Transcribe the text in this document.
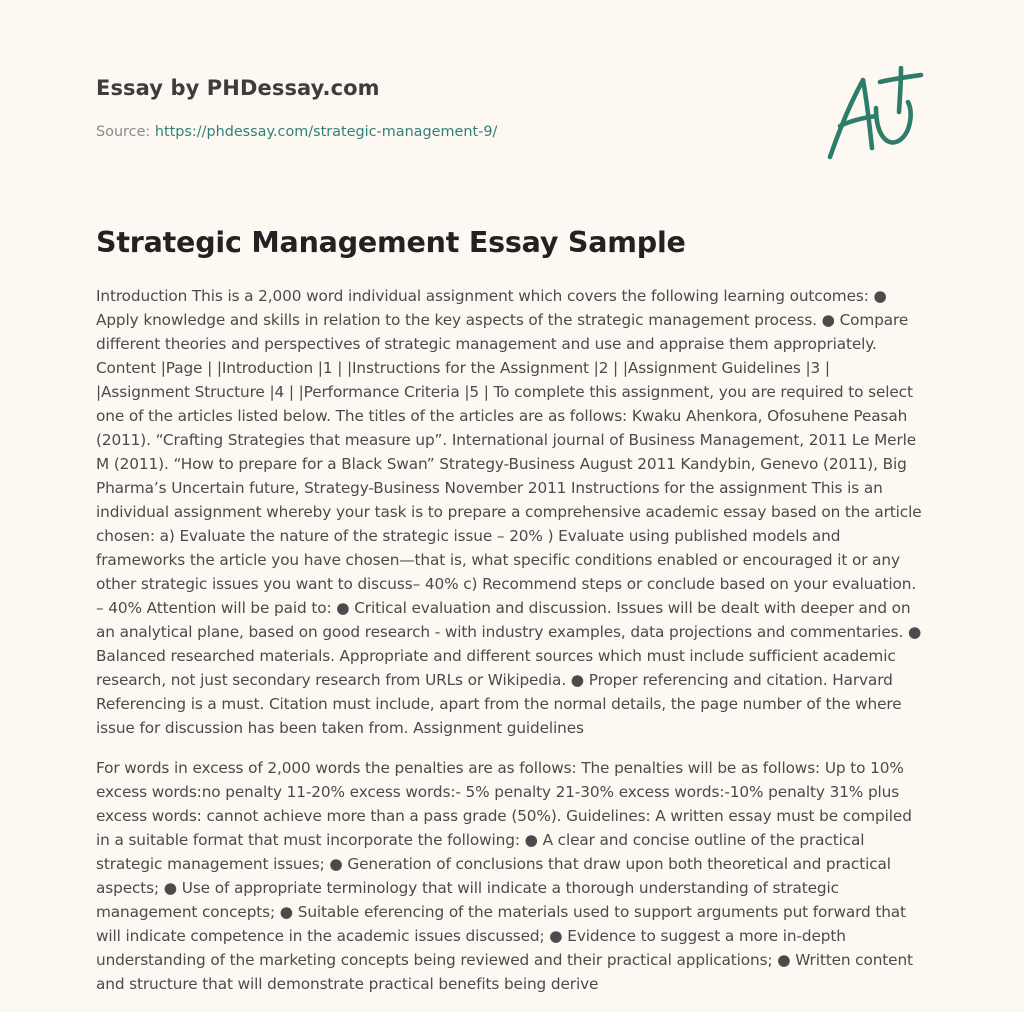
Essay by PHDessay.com
Source: https://phdessay.com/strategic-management-9/
Strategic Management Essay Sample

Introduction This is a 2,000 word individual assignment which covers the following learning outcomes: ● Apply knowledge and skills in relation to the key aspects of the strategic management process. ● Compare different theories and perspectives of strategic management and use and appraise them appropriately. Content |Page | |Introduction |1 | |Instructions for the Assignment |2 | |Assignment Guidelines |3 | |Assignment Structure |4 | |Performance Criteria |5 | To complete this assignment, you are required to select one of the articles listed below. The titles of the articles are as follows: Kwaku Ahenkora, Ofosuhene Peasah (2011). “Crafting Strategies that measure up”. International journal of Business Management, 2011 Le Merle M (2011). “How to prepare for a Black Swan” Strategy-Business August 2011 Kandybin, Genevo (2011), Big Pharma’s Uncertain future, Strategy-Business November 2011 Instructions for the assignment This is an individual assignment whereby your task is to prepare a comprehensive academic essay based on the article chosen: a) Evaluate the nature of the strategic issue – 20% ) Evaluate using published models and frameworks the article you have chosen—that is, what specific conditions enabled or encouraged it or any other strategic issues you want to discuss– 40% c) Recommend steps or conclude based on your evaluation. – 40% Attention will be paid to: ● Critical evaluation and discussion. Issues will be dealt with deeper and on an analytical plane, based on good research - with industry examples, data projections and commentaries. ● Balanced researched materials. Appropriate and different sources which must include sufficient academic research, not just secondary research from URLs or Wikipedia. ● Proper referencing and citation. Harvard Referencing is a must. Citation must include, apart from the normal details, the page number of the where issue for discussion has been taken from. Assignment guidelines

For words in excess of 2,000 words the penalties are as follows: The penalties will be as follows: Up to 10% excess words:no penalty 11-20% excess words:- 5% penalty 21-30% excess words:-10% penalty 31% plus excess words: cannot achieve more than a pass grade (50%). Guidelines: A written essay must be compiled in a suitable format that must incorporate the following: ● A clear and concise outline of the practical strategic management issues; ● Generation of conclusions that draw upon both theoretical and practical aspects; ● Use of appropriate terminology that will indicate a thorough understanding of strategic management concepts; ● Suitable eferencing of the materials used to support arguments put forward that will indicate competence in the academic issues discussed; ● Evidence to suggest a more in-depth understanding of the marketing concepts being reviewed and their practical applications; ● Written content and structure that will demonstrate practical benefits being derive
